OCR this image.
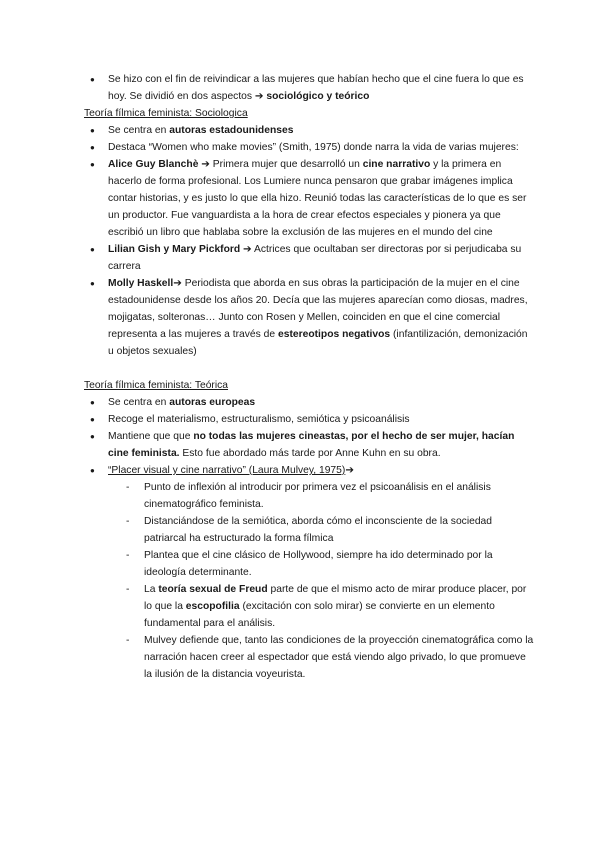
● Se hizo con el fin de reivindicar a las mujeres que habían hecho que el cine fuera lo que es hoy. Se dividió en dos aspectos ➔ sociológico y teórico

Teoría fílmica feminista: Sociologica

● Se centra en autoras estadounidenses
● Destaca “Women who make movies” (Smith, 1975) donde narra la vida de varias mujeres:
● Alice Guy Blanchè ➔ Primera mujer que desarrolló un cine narrativo y la primera en hacerlo de forma profesional. Los Lumiere nunca pensaron que grabar imágenes implica contar historias, y es justo lo que ella hizo. Reunió todas las características de lo que es ser un productor. Fue vanguardista a la hora de crear efectos especiales y pionera ya que escribió un libro que hablaba sobre la exclusión de las mujeres en el mundo del cine
● Lilian Gish y Mary Pickford ➔ Actrices que ocultaban ser directoras por si perjudicaba su carrera
● Molly Haskell➔ Periodista que aborda en sus obras la participación de la mujer en el cine estadounidense desde los años 20. Decía que las mujeres aparecían como diosas, madres, mojigatas, solteronas… Junto con Rosen y Mellen, coinciden en que el cine comercial representa a las mujeres a través de estereotipos negativos (infantilización, demonización u objetos sexuales)

Teoría fílmica feminista: Teórica

● Se centra en autoras europeas
● Recoge el materialismo, estructuralismo, semiótica y psicoanálisis
● Mantiene que que no todas las mujeres cineastas, por el hecho de ser mujer, hacían cine feminista. Esto fue abordado más tarde por Anne Kuhn en su obra.
● “Placer visual y cine narrativo” (Laura Mulvey, 1975)➔
- Punto de inflexión al introducir por primera vez el psicoanálisis en el análisis cinematográfico feminista.
- Distanciándose de la semiótica, aborda cómo el inconsciente de la sociedad patriarcal ha estructurado la forma fílmica
- Plantea que el cine clásico de Hollywood, siempre ha ido determinado por la ideología determinante.
- La teoría sexual de Freud parte de que el mismo acto de mirar produce placer, por lo que la escopofilia (excitación con solo mirar) se convierte en un elemento fundamental para el análisis.
- Mulvey defiende que, tanto las condiciones de la proyección cinematográfica como la narración hacen creer al espectador que está viendo algo privado, lo que promueve la ilusión de la distancia voyeurista.
